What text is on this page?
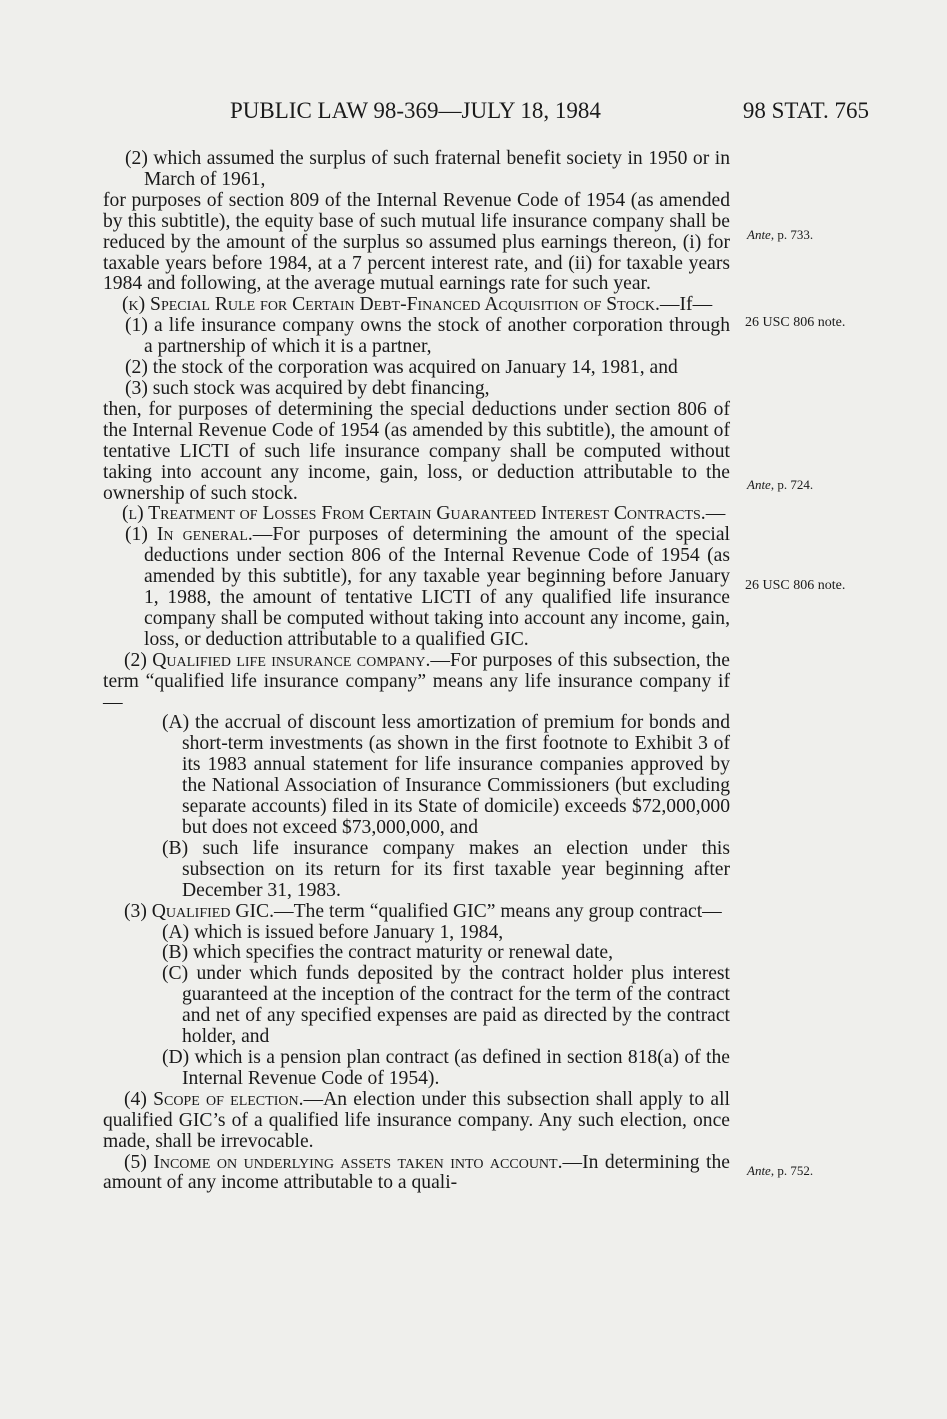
PUBLIC LAW 98-369—JULY 18, 1984	98 STAT. 765

(2) which assumed the surplus of such fraternal benefit society in 1950 or in March of 1961,

for purposes of section 809 of the Internal Revenue Code of 1954 (as amended by this subtitle), the equity base of such mutual life insurance company shall be reduced by the amount of the surplus so assumed plus earnings thereon, (i) for taxable years before 1984, at a 7 percent interest rate, and (ii) for taxable years 1984 and following, at the average mutual earnings rate for such year.

(k) Special Rule for Certain Debt-Financed Acquisition of Stock.—If—

(1) a life insurance company owns the stock of another corporation through a partnership of which it is a partner,

(2) the stock of the corporation was acquired on January 14, 1981, and

(3) such stock was acquired by debt financing,

then, for purposes of determining the special deductions under section 806 of the Internal Revenue Code of 1954 (as amended by this subtitle), the amount of tentative LICTI of such life insurance company shall be computed without taking into account any income, gain, loss, or deduction attributable to the ownership of such stock.

(l) Treatment of Losses From Certain Guaranteed Interest Contracts.—

(1) In general.—For purposes of determining the amount of the special deductions under section 806 of the Internal Revenue Code of 1954 (as amended by this subtitle), for any taxable year beginning before January 1, 1988, the amount of tentative LICTI of any qualified life insurance company shall be computed without taking into account any income, gain, loss, or deduction attributable to a qualified GIC.

(2) Qualified life insurance company.—For purposes of this subsection, the term “qualified life insurance company” means any life insurance company if—

(A) the accrual of discount less amortization of premium for bonds and short-term investments (as shown in the first footnote to Exhibit 3 of its 1983 annual statement for life insurance companies approved by the National Association of Insurance Commissioners (but excluding separate accounts) filed in its State of domicile) exceeds $72,000,000 but does not exceed $73,000,000, and

(B) such life insurance company makes an election under this subsection on its return for its first taxable year beginning after December 31, 1983.

(3) Qualified GIC.—The term “qualified GIC” means any group contract—

(A) which is issued before January 1, 1984,

(B) which specifies the contract maturity or renewal date,

(C) under which funds deposited by the contract holder plus interest guaranteed at the inception of the contract for the term of the contract and net of any specified expenses are paid as directed by the contract holder, and

(D) which is a pension plan contract (as defined in section 818(a) of the Internal Revenue Code of 1954).

(4) Scope of election.—An election under this subsection shall apply to all qualified GIC’s of a qualified life insurance company. Any such election, once made, shall be irrevocable.

(5) Income on underlying assets taken into account.—In determining the amount of any income attributable to a quali-

Ante, p. 733.
26 USC 806 note.
Ante, p. 724.
26 USC 806 note.
Ante, p. 752.
